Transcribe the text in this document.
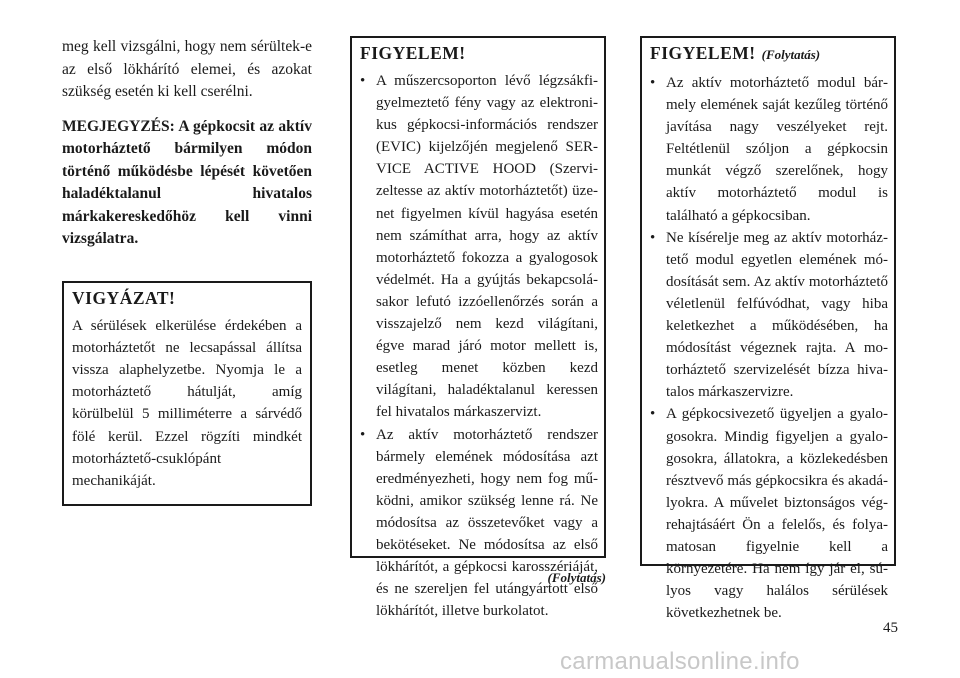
meg kell vizsgálni, hogy nem sérültek-e az első lökhárító elemei, és azokat szükség esetén ki kell cserélni.

MEGJEGYZÉS: A gépkocsit az aktív motorháztető bármilyen módon történő működésbe lépését követően haladéktalanul hivatalos márkakereskedőhöz kell vinni vizsgálatra.

VIGYÁZAT!
A sérülések elkerülése érdekében a motorháztetőt ne lecsapással állítsa vissza alaphelyzetbe. Nyomja le a motorháztető hátulját, amíg körülbelül 5 milliméterre a sárvédő fölé kerül. Ezzel rögzíti mindkét motorháztető-csuklópánt mechanikáját.
FIGYELEM!
• A műszercsoporton lévő légzsákfigyelmeztető fény vagy az elektronikus gépkocsi-információs rendszer (EVIC) kijelzőjén megjelenő SERVICE ACTIVE HOOD (Szervizeltesse az aktív motorháztetőt) üzenet figyelmen kívül hagyása esetén nem számíthat arra, hogy az aktív motorháztető fokozza a gyalogosok védelmét. Ha a gyújtás bekapcsolásakor lefutó izzóellenőrzés során a visszajelző nem kezd világítani, égve marad járó motor mellett is, esetleg menet közben kezd világítani, haladéktalanul keressen fel hivatalos márkaszervizt.
• Az aktív motorháztető rendszer bármely elemének módosítása azt eredményezheti, hogy nem fog működni, amikor szükség lenne rá. Ne módosítsa az összetevőket vagy a bekötéseket. Ne módosítsa az első lökhárítót, a gépkocsi karosszériáját, és ne szereljen fel utángyártott első lökhárítót, illetve burkolatot.
(Folytatás)
FIGYELEM! (Folytatás)
• Az aktív motorháztető modul bármely elemének saját kezűleg történő javítása nagy veszélyeket rejt. Feltétlenül szóljon a gépkocsin munkát végző szerelőnek, hogy aktív motorháztető modul is található a gépkocsiban.
• Ne kísérelje meg az aktív motorháztető modul egyetlen elemének módosítását sem. Az aktív motorháztető véletlenül felfúvódhat, vagy hiba keletkezhet a működésében, ha módosítást végeznek rajta. A motorháztető szervizelését bízza hivatalos márkaszervizre.
• A gépkocsivezető ügyeljen a gyalogosokra. Mindig figyeljen a gyalogosokra, állatokra, a közlekedésben résztvevő más gépkocsikra és akadályokra. A művelet biztonságos végrehajtásáért Ön a felelős, és folyamatosan figyelnie kell a környezetére. Ha nem így jár el, súlyos vagy halálos sérülések következhetnek be.
45
carmanualsonline.info
